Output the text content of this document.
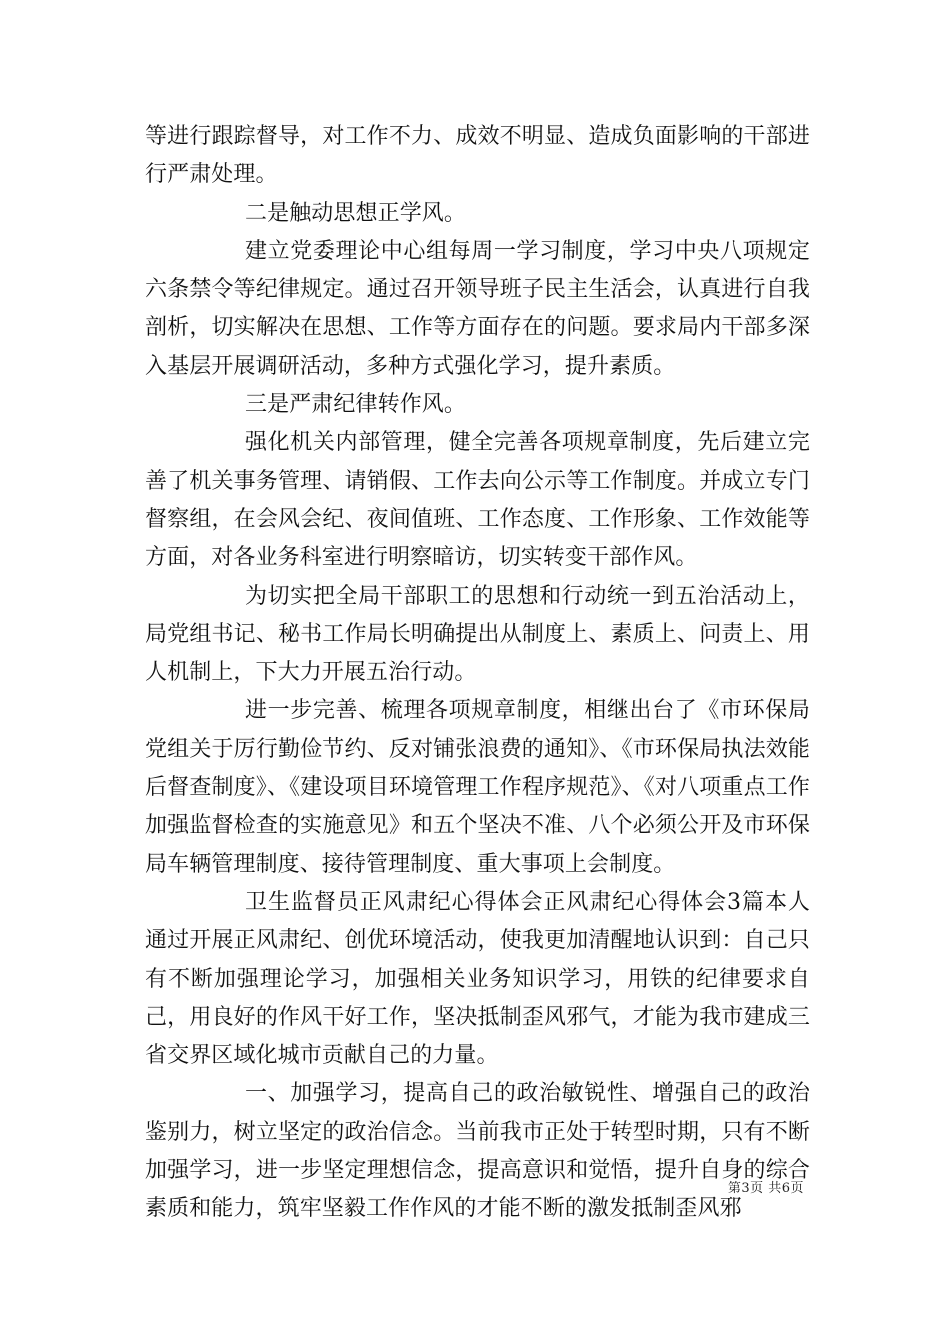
等进行跟踪督导，对工作不力、成效不明显、造成负面影响的干部进行严肃处理。

二是触动思想正学风。

建立党委理论中心组每周一学习制度，学习中央八项规定六条禁令等纪律规定。通过召开领导班子民主生活会，认真进行自我剖析，切实解决在思想、工作等方面存在的问题。要求局内干部多深入基层开展调研活动，多种方式强化学习，提升素质。

三是严肃纪律转作风。

强化机关内部管理，健全完善各项规章制度，先后建立完善了机关事务管理、请销假、工作去向公示等工作制度。并成立专门督察组，在会风会纪、夜间值班、工作态度、工作形象、工作效能等方面，对各业务科室进行明察暗访，切实转变干部作风。

为切实把全局干部职工的思想和行动统一到五治活动上，局党组书记、秘书工作局长明确提出从制度上、素质上、问责上、用人机制上，下大力开展五治行动。

进一步完善、梳理各项规章制度，相继出台了《市环保局党组关于厉行勤俭节约、反对铺张浪费的通知》、《市环保局执法效能后督查制度》、《建设项目环境管理工作程序规范》、《对八项重点工作加强监督检查的实施意见》和五个坚决不准、八个必须公开及市环保局车辆管理制度、接待管理制度、重大事项上会制度。

卫生监督员正风肃纪心得体会正风肃纪心得体会3篇本人通过开展正风肃纪、创优环境活动，使我更加清醒地认识到：自己只有不断加强理论学习，加强相关业务知识学习，用铁的纪律要求自己，用良好的作风干好工作，坚决抵制歪风邪气，才能为我市建成三省交界区域化城市贡献自己的力量。

一、加强学习，提高自己的政治敏锐性、增强自己的政治鉴别力，树立坚定的政治信念。当前我市正处于转型时期，只有不断加强学习，进一步坚定理想信念，提高意识和觉悟，提升自身的综合素质和能力，筑牢坚毅工作作风的才能不断的激发抵制歪风邪

第3页 共6页
